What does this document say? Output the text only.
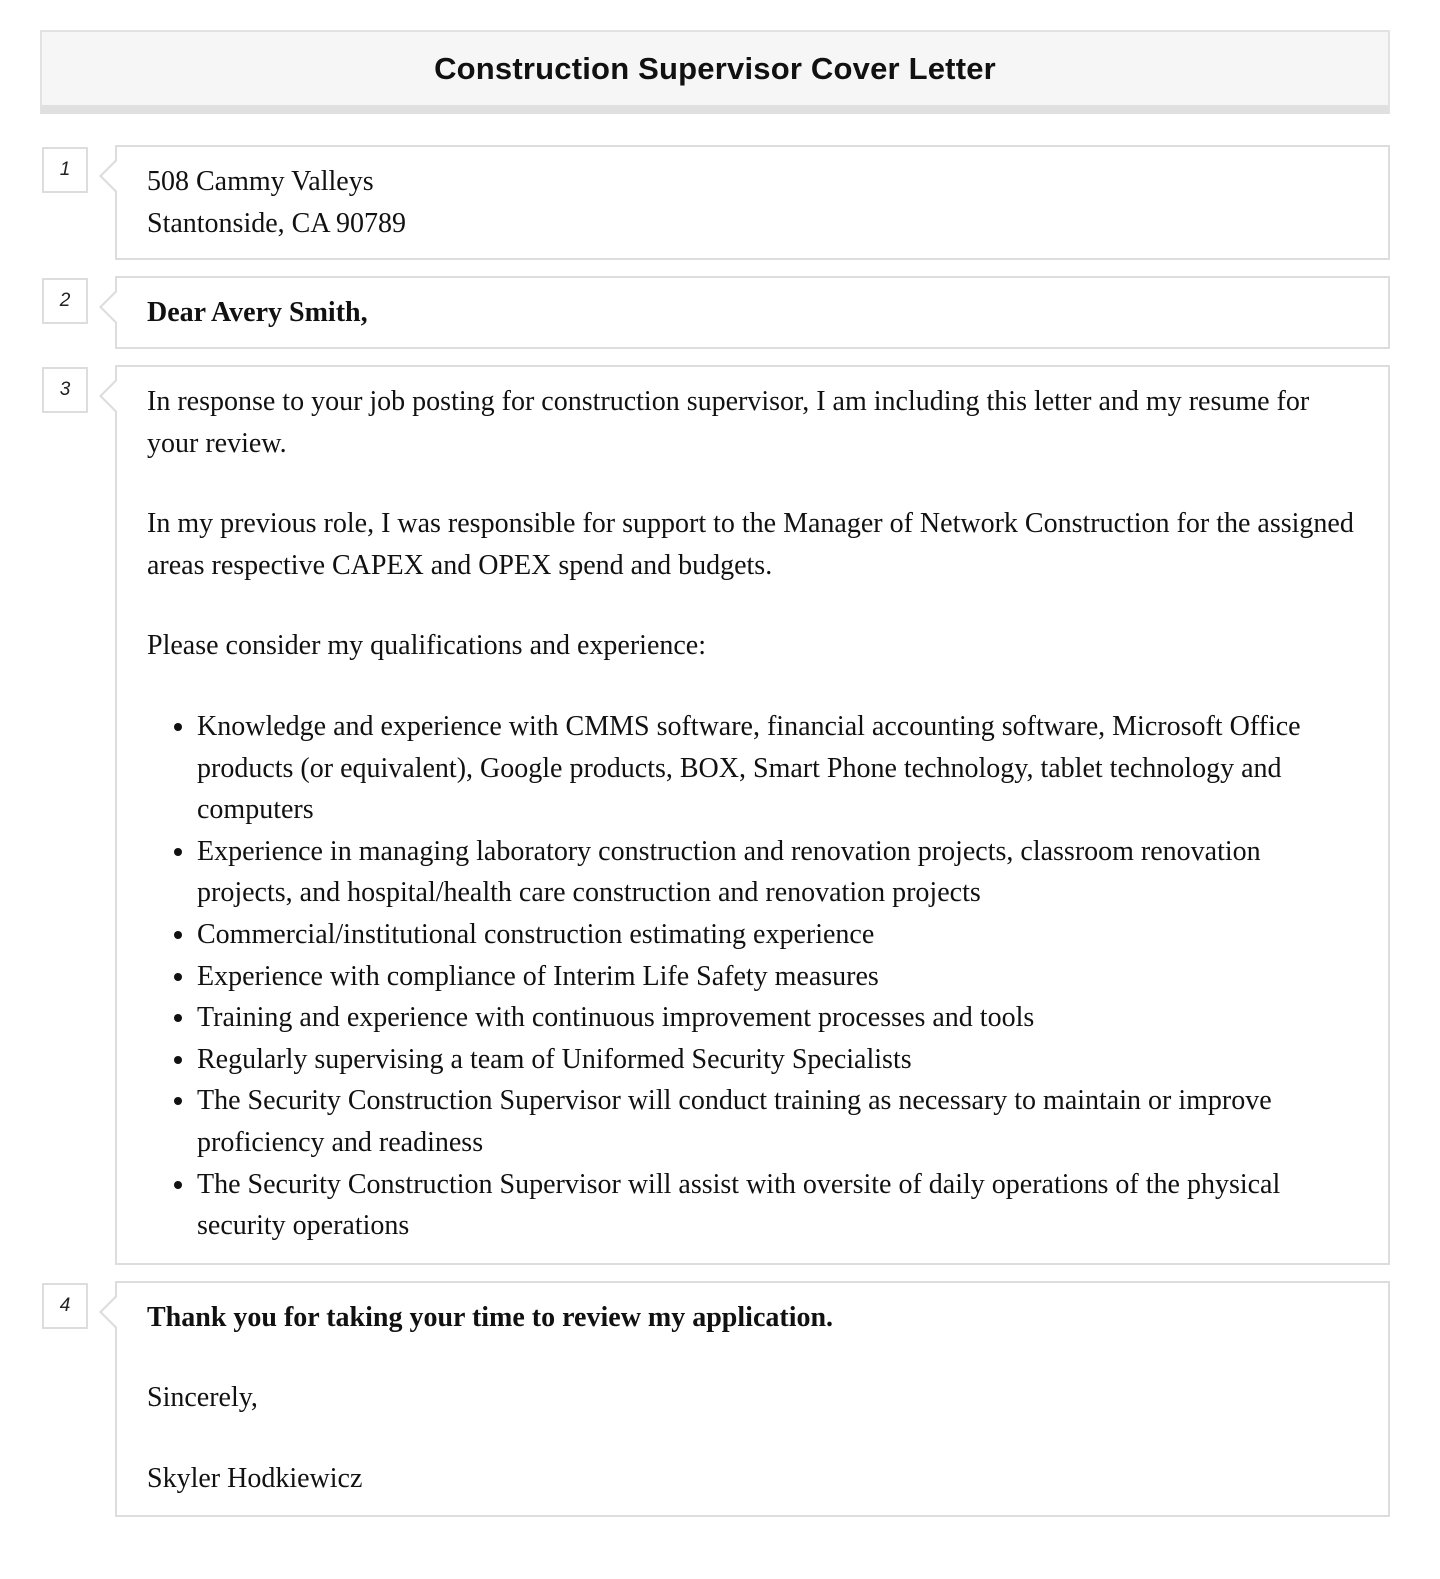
Construction Supervisor Cover Letter
1	508 Cammy Valleys

Stantonside, CA 90789

2	Dear Avery Smith,

3	In response to your job posting for construction supervisor, I am including this letter and my resume for your review.

In my previous role, I was responsible for support to the Manager of Network Construction for the assigned areas respective CAPEX and OPEX spend and budgets.

Please consider my qualifications and experience:

• Knowledge and experience with CMMS software, financial accounting software, Microsoft Office products (or equivalent), Google products, BOX, Smart Phone technology, tablet technology and computers
• Experience in managing laboratory construction and renovation projects, classroom renovation projects, and hospital/health care construction and renovation projects
• Commercial/institutional construction estimating experience
• Experience with compliance of Interim Life Safety measures
• Training and experience with continuous improvement processes and tools
• Regularly supervising a team of Uniformed Security Specialists
• The Security Construction Supervisor will conduct training as necessary to maintain or improve proficiency and readiness
• The Security Construction Supervisor will assist with oversite of daily operations of the physical security operations
4	Thank you for taking your time to review my application.

Sincerely,

Skyler Hodkiewicz
